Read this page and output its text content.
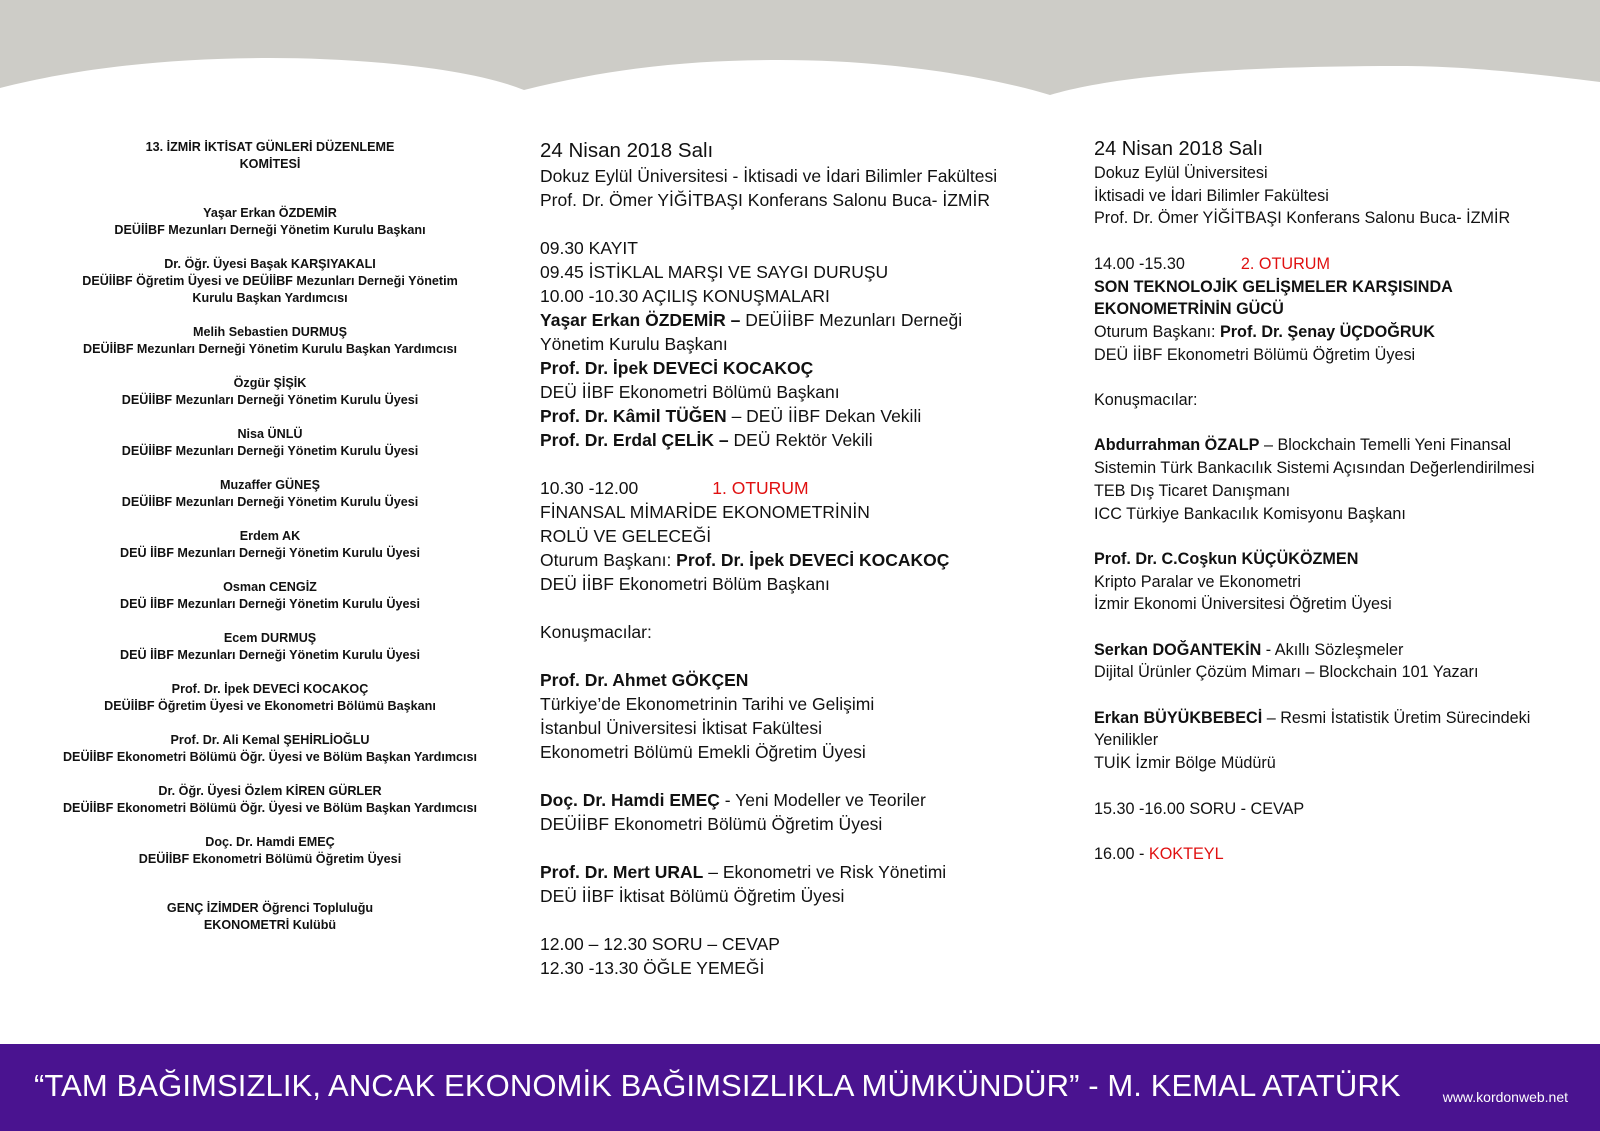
13. İZMİR İKTİSAT GÜNLERİ DÜZENLEME
KOMİTESİ
Yaşar Erkan ÖZDEMİR
DEÜİİBF Mezunları Derneği Yönetim Kurulu Başkanı
Dr. Öğr. Üyesi Başak KARŞIYAKALI
DEÜİİBF Öğretim Üyesi ve DEÜİİBF Mezunları Derneği Yönetim
Kurulu Başkan Yardımcısı
Melih Sebastien DURMUŞ
DEÜİİBF Mezunları Derneği Yönetim Kurulu Başkan Yardımcısı
Özgür ŞİŞİK
DEÜİİBF Mezunları Derneği Yönetim Kurulu Üyesi
Nisa ÜNLÜ
DEÜİİBF Mezunları Derneği Yönetim Kurulu Üyesi
Muzaffer GÜNEŞ
DEÜİİBF Mezunları Derneği Yönetim Kurulu Üyesi
Erdem AK
DEÜ İİBF Mezunları Derneği Yönetim Kurulu Üyesi
Osman CENGİZ
DEÜ İİBF Mezunları Derneği Yönetim Kurulu Üyesi
Ecem DURMUŞ
DEÜ İİBF Mezunları Derneği Yönetim Kurulu Üyesi
Prof. Dr. İpek DEVECİ KOCAKOÇ
DEÜİİBF Öğretim Üyesi ve Ekonometri Bölümü Başkanı
Prof. Dr. Ali Kemal ŞEHİRLİOĞLU
DEÜİİBF Ekonometri Bölümü Öğr. Üyesi ve Bölüm Başkan Yardımcısı
Dr. Öğr. Üyesi Özlem KİREN GÜRLER
DEÜİİBF Ekonometri Bölümü Öğr. Üyesi ve Bölüm Başkan Yardımcısı
Doç. Dr. Hamdi EMEÇ
DEÜİİBF Ekonometri Bölümü Öğretim Üyesi
GENÇ İZİMDER Öğrenci Topluluğu
EKONOMETRİ Kulübü
24 Nisan 2018 Salı
Dokuz Eylül Üniversitesi - İktisadi ve İdari Bilimler Fakültesi
Prof. Dr. Ömer YİĞİTBAŞI Konferans Salonu Buca- İZMİR
09.30 KAYIT
09.45 İSTİKLAL MARŞI VE SAYGI DURUŞU
10.00 -10.30 AÇILIŞ KONUŞMALARI
Yaşar Erkan ÖZDEMİR – DEÜİİBF Mezunları Derneği
Yönetim Kurulu Başkanı
Prof. Dr. İpek DEVECİ KOCAKOÇ
DEÜ İİBF Ekonometri Bölümü Başkanı
Prof. Dr. Kâmil TÜĞEN – DEÜ İİBF Dekan Vekili
Prof. Dr. Erdal ÇELİK – DEÜ Rektör Vekili
10.30 -12.00	1. OTURUM
FİNANSAL MİMARİDE EKONOMETRİNİN
ROLÜ VE GELECEĞİ
Oturum Başkanı: Prof. Dr. İpek DEVECİ KOCAKOÇ
DEÜ İİBF Ekonometri Bölüm Başkanı
Konuşmacılar:
Prof. Dr. Ahmet GÖKÇEN
Türkiye’de Ekonometrinin Tarihi ve Gelişimi
İstanbul Üniversitesi İktisat Fakültesi
Ekonometri Bölümü Emekli Öğretim Üyesi
Doç. Dr. Hamdi EMEÇ - Yeni Modeller ve Teoriler
DEÜİİBF Ekonometri Bölümü Öğretim Üyesi
Prof. Dr. Mert URAL – Ekonometri ve Risk Yönetimi
DEÜ İİBF İktisat Bölümü Öğretim Üyesi
12.00 – 12.30 SORU – CEVAP
12.30 -13.30 ÖĞLE YEMEĞİ
24 Nisan 2018 Salı
Dokuz Eylül Üniversitesi
İktisadi ve İdari Bilimler Fakültesi
Prof. Dr. Ömer YİĞİTBAŞI Konferans Salonu Buca- İZMİR
14.00 -15.30	2. OTURUM
SON TEKNOLOJİK GELİŞMELER KARŞISINDA
EKONOMETRİNİN GÜCÜ
Oturum Başkanı: Prof. Dr. Şenay ÜÇDOĞRUK
DEÜ İİBF Ekonometri Bölümü Öğretim Üyesi
Konuşmacılar:
Abdurrahman ÖZALP – Blockchain Temelli Yeni Finansal
Sistemin Türk Bankacılık Sistemi Açısından Değerlendirilmesi
TEB Dış Ticaret Danışmanı
ICC Türkiye Bankacılık Komisyonu Başkanı
Prof. Dr. C.Coşkun KÜÇÜKÖZMEN
Kripto Paralar ve Ekonometri
İzmir Ekonomi Üniversitesi Öğretim Üyesi
Serkan DOĞANTEKİN - Akıllı Sözleşmeler
Dijital Ürünler Çözüm Mimarı – Blockchain 101 Yazarı
Erkan BÜYÜKBEBECİ – Resmi İstatistik Üretim Sürecindeki
Yenilikler
TUİK İzmir Bölge Müdürü
15.30 -16.00 SORU - CEVAP
16.00 - KOKTEYL
“TAM BAĞIMSIZLIK, ANCAK EKONOMİK BAĞIMSIZLIKLA MÜMKÜNDÜR” - M. KEMAL ATATÜRK	www.kordonweb.net
